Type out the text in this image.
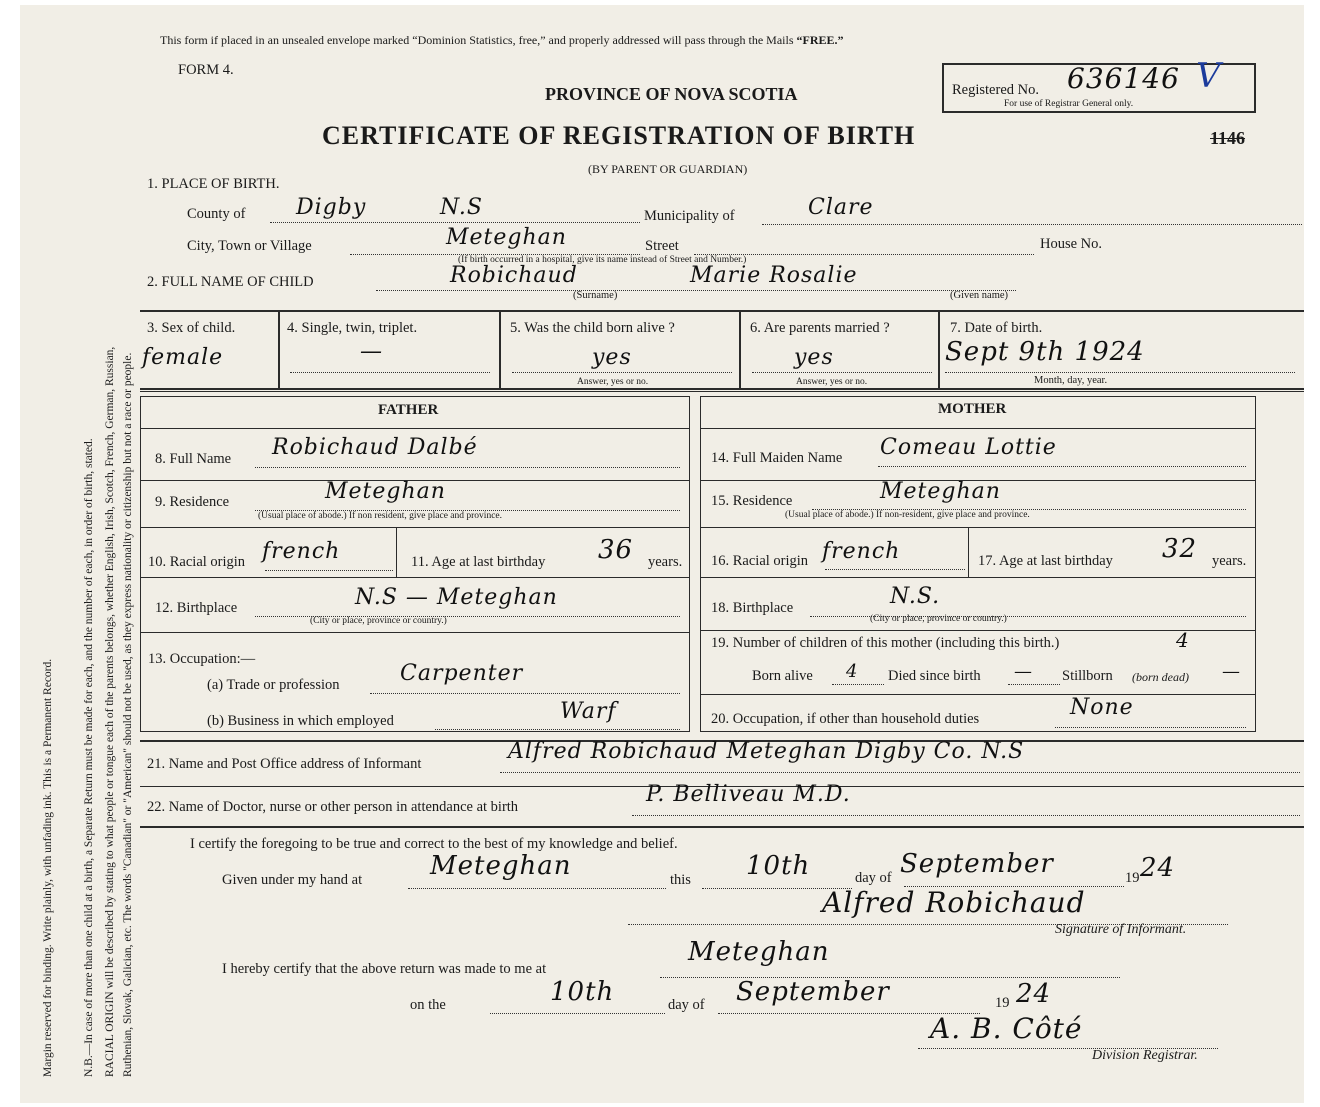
Margin reserved for binding. Write plainly, with unfading ink. This is a Permanent Record.	N.B.—In case of more than one child at a birth, a Separate Return must be made for each, and the number of each, in order of birth, stated. RACIAL ORIGIN will be described by stating to what people or tongue each of the parents belongs, whether English, Irish, Scotch, French, German, Russian, Ruthenian, Slovak, Galician, etc. The words "Canadian" or "American" should not be used, as they express nationality or citizenship but not a race or people.
This form if placed in an unsealed envelope marked “Dominion Statistics, free,” and properly addressed will pass through the Mails “FREE.”
FORM 4.
PROVINCE OF NOVA SCOTIA
CERTIFICATE OF REGISTRATION OF BIRTH
(BY PARENT OR GUARDIAN)
Registered No. 636146 V
For use of Registrar General only.
1146
1. PLACE OF BIRTH.
County of Digby	N.S	Municipality of	Clare
City, Town or Village	Meteghan	Street	House No.
(If birth occurred in a hospital, give its name instead of Street and Number.)
2. FULL NAME OF CHILD	Robichaud	Marie Rosalie
(Surname)	(Given name)
3. Sex of child.
female
4. Single, twin, triplet.
—
5. Was the child born alive ?
yes
Answer, yes or no.
6. Are parents married ?
yes
Answer, yes or no.
7. Date of birth.
Sept 9th 1924
Month, day, year.
FATHER	MOTHER
8. Full Name Robichaud Dalbé
9. Residence	Meteghan
(Usual place of abode.) If non resident, give place and province.
10. Racial origin french	11. Age at last birthday 36 years.
12. Birthplace	N.S — Meteghan
(City or place, province or country.)
13. Occupation:—
(a) Trade or profession	Carpenter
(b) Business in which employed	Warf
14. Full Maiden Name Comeau Lottie
15. Residence	Meteghan
(Usual place of abode.) If non-resident, give place and province.
16. Racial origin french	17. Age at last birthday 32 years.
18. Birthplace	N.S.
(City or place, province or country.)
19. Number of children of this mother (including this birth.)	4
Born alive 4 Died since birth — Stillborn (born dead) —
20. Occupation, if other than household duties	None
21. Name and Post Office address of Informant	Alfred Robichaud Meteghan Digby Co. N.S
22. Name of Doctor, nurse or other person in attendance at birth	P. Belliveau M.D.
I certify the foregoing to be true and correct to the best of my knowledge and belief.
Given under my hand at	Meteghan	this 10th	day of September	19 24
Alfred Robichaud
Signature of Informant.
I hereby certify that the above return was made to me at
Meteghan
on the	10th	day of September	19 24
A. B. Côté
Division Registrar.
